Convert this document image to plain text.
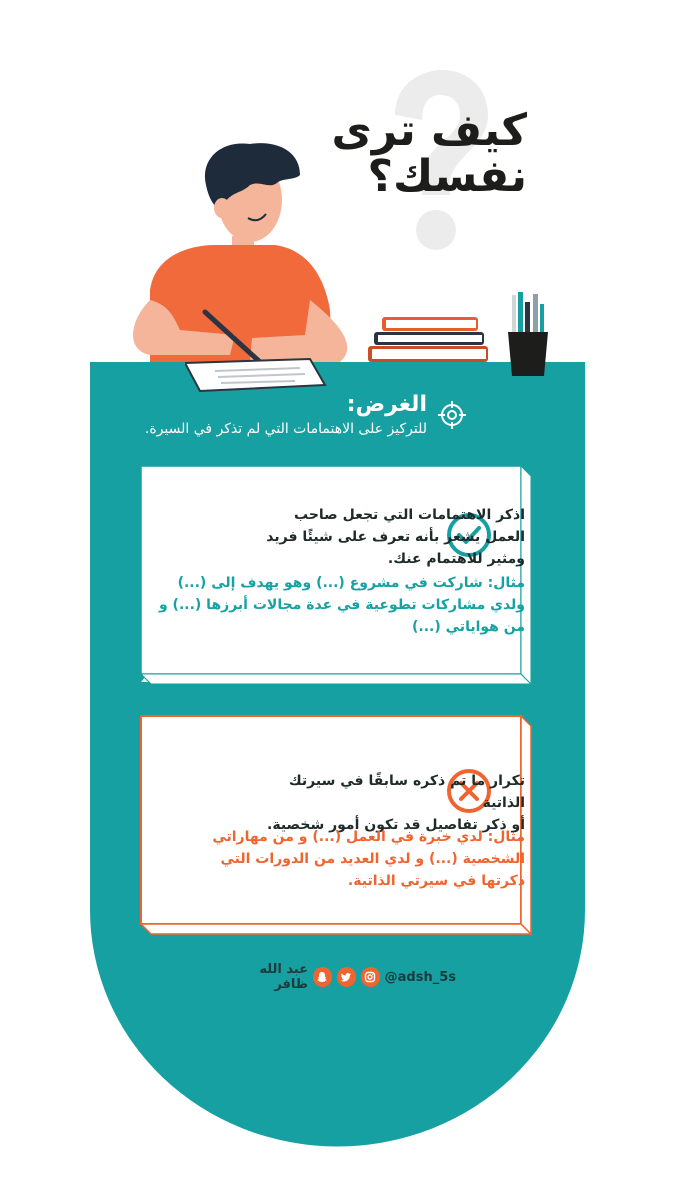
كيف ترى
نفسك؟
الغرض:
للتركيز على الاهتمامات التي لم تذكر في السيرة.
اذكر الاهتمامات التي تجعل صاحب
العمل يشعر بأنه تعرف على شيئًا فريد
ومثير للاهتمام عنك.
مثال: شاركت في مشروع (...) وهو يهدف إلى (...)
ولدي مشاركات تطوعية في عدة مجالات أبرزها (...) و
من هواياتي (...)
تكرار ما تم ذكره سابقًا في سيرتك الذاتية
أو ذكر تفاصيل قد تكون أمور شخصية.
مثال: لدي خبرة في العمل (...) و من مهاراتي
الشخصية (...) و لدي العديد من الدورات التي
ذكرتها في سيرتي الذاتية.
عبد الله ظافر	@adsh_5s
